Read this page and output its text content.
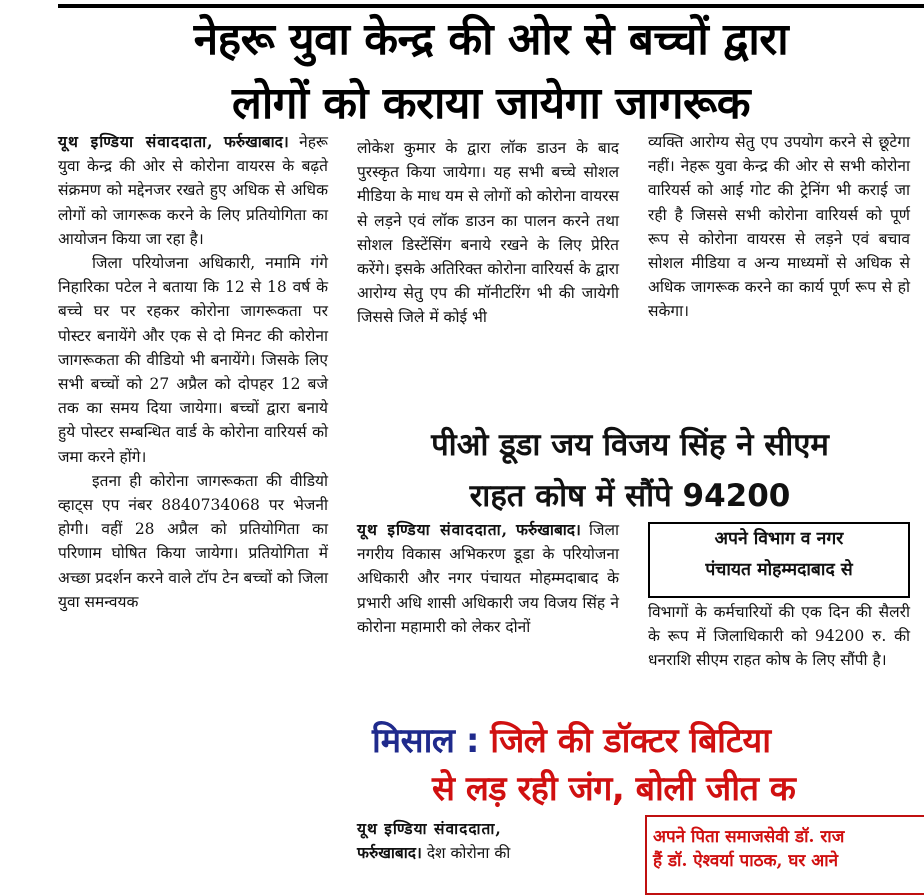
नेहरू युवा केन्द्र की ओर से बच्चों द्वारा
लोगों को कराया जायेगा जागरूक

यूथ इण्डिया संवाददाता, फर्रुखाबाद। नेहरू युवा केन्द्र की ओर से कोरोना वायरस के बढ़ते संक्रमण को मद्देनजर रखते हुए अधिक से अधिक लोगों को जागरूक करने के लिए प्रतियोगिता का आयोजन किया जा रहा है।

जिला परियोजना अधिकारी, नमामि गंगे निहारिका पटेल ने बताया कि 12 से 18 वर्ष के बच्चे घर पर रहकर कोरोना जागरूकता पर पोस्टर बनायेंगे और एक से दो मिनट की कोरोना जागरूकता की वीडियो भी बनायेंगे। जिसके लिए सभी बच्चों को 27 अप्रैल को दोपहर 12 बजे तक का समय दिया जायेगा। बच्चों द्वारा बनाये हुये पोस्टर सम्बन्धित वार्ड के कोरोना वारियर्स को जमा करने होंगे।

इतना ही कोरोना जागरूकता की वीडियो व्हाट्स एप नंबर 8840734068 पर भेजनी होगी। वहीं 28 अप्रैल को प्रतियोगिता का परिणाम घोषित किया जायेगा। प्रतियोगिता में अच्छा प्रदर्शन करने वाले टॉप टेन बच्चों को जिला युवा समन्वयक

लोकेश कुमार के द्वारा लॉक डाउन के बाद पुरस्कृत किया जायेगा। यह सभी बच्चे सोशल मीडिया के माध यम से लोगों को कोरोना वायरस से लड़ने एवं लॉक डाउन का पालन करने तथा सोशल डिस्टेंसिंग बनाये रखने के लिए प्रेरित करेंगे। इसके अतिरिक्त कोरोना वारियर्स के द्वारा आरोग्य सेतु एप की मॉनीटरिंग भी की जायेगी जिससे जिले में कोई भी

व्यक्ति आरोग्य सेतु एप उपयोग करने से छूटेगा नहीं। नेहरू युवा केन्द्र की ओर से सभी कोरोना वारियर्स को आई गोट की ट्रेनिंग भी कराई जा रही है जिससे सभी कोरोना वारियर्स को पूर्ण रूप से कोरोना वायरस से लड़ने एवं बचाव सोशल मीडिया व अन्य माध्यमों से अधिक से अधिक जागरूक करने का कार्य पूर्ण रूप से हो सकेगा।

पीओ डूडा जय विजय सिंह ने सीएम
राहत कोष में सौंपे 94200

यूथ इण्डिया संवाददाता, फर्रुखाबाद। जिला नगरीय विकास अभिकरण डूडा के परियोजना अधिकारी और नगर पंचायत मोहम्मदाबाद के प्रभारी अधि शासी अधिकारी जय विजय सिंह ने कोरोना महामारी को लेकर दोनों

अपने विभाग व नगर
पंचायत मोहम्मदाबाद से

विभागों के कर्मचारियों की एक दिन की सैलरी के रूप में जिलाधिकारी को 94200 रु. की धनराशि सीएम राहत कोष के लिए सौंपी है।

मिसाल : जिले की डॉक्टर बिटिया
से लड़ रही जंग, बोली जीत क

यूथ इण्डिया संवाददाता,
फर्रुखाबाद। देश कोरोना की

अपने पिता समाजसेवी डॉ. राज
हैं डॉ. ऐश्वर्या पाठक, घर आने
